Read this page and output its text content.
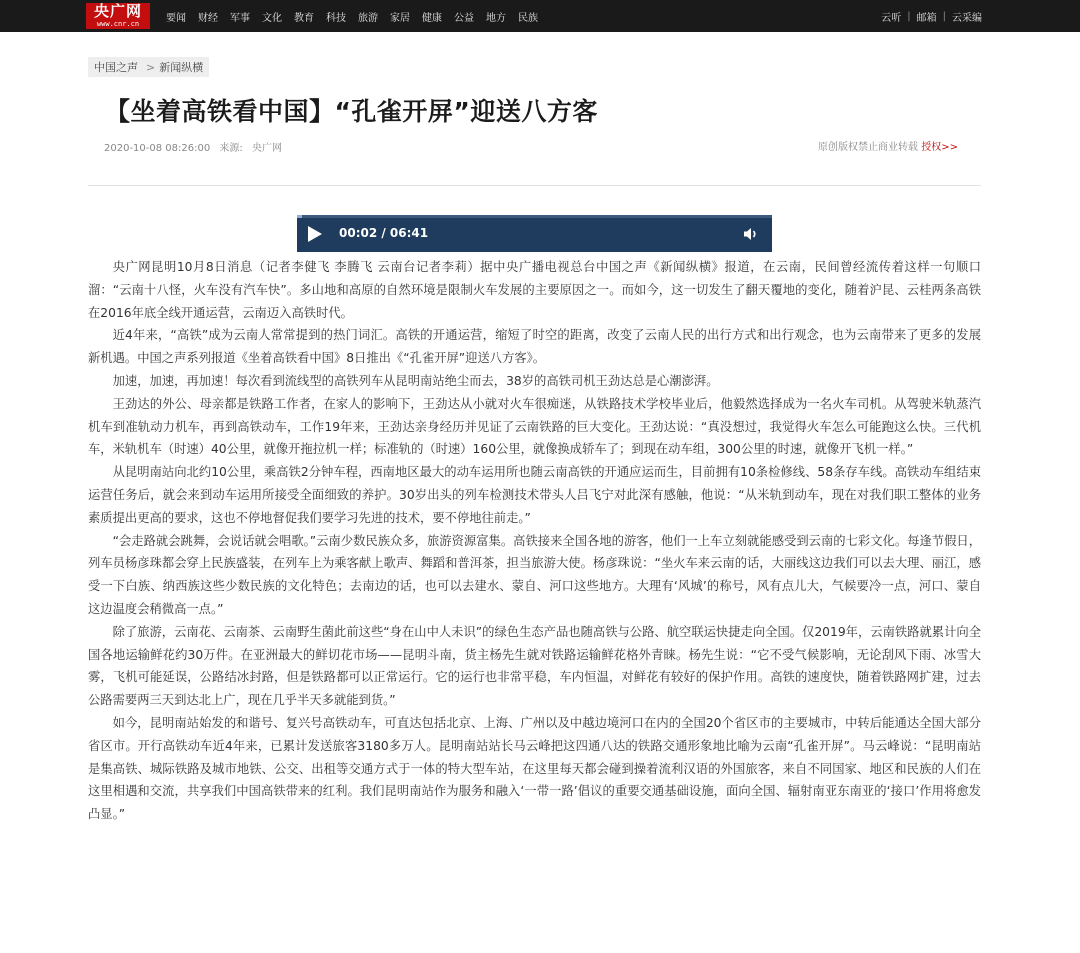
央广网
www.cnr.cn
要闻 财经 军事 文化 教育 科技 旅游 家居 健康 公益 地方 民族	云听 | 邮箱 | 云采编
中国之声 > 新闻纵横
【坐着高铁看中国】“孔雀开屏”迎送八方客
2020-10-08 08:26:00 来源: 央广网	原创版权禁止商业转载 授权>>
00:02 / 06:41

央广网昆明10月8日消息（记者李健飞 李腾飞 云南台记者李莉）据中央广播电视总台中国之声《新闻纵横》报道，在云南，民间曾经流传着这样一句顺口溜：“云南十八怪，火车没有汽车快”。多山地和高原的自然环境是限制火车发展的主要原因之一。而如今，这一切发生了翻天覆地的变化，随着沪昆、云桂两条高铁在2016年底全线开通运营，云南迈入高铁时代。

近4年来，“高铁”成为云南人常常提到的热门词汇。高铁的开通运营，缩短了时空的距离，改变了云南人民的出行方式和出行观念，也为云南带来了更多的发展新机遇。中国之声系列报道《坐着高铁看中国》8日推出《“孔雀开屏”迎送八方客》。

加速，加速，再加速！每次看到流线型的高铁列车从昆明南站绝尘而去，38岁的高铁司机王劲达总是心潮澎湃。

王劲达的外公、母亲都是铁路工作者，在家人的影响下，王劲达从小就对火车很痴迷，从铁路技术学校毕业后，他毅然选择成为一名火车司机。从驾驶米轨蒸汽机车到准轨动力机车，再到高铁动车，工作19年来，王劲达亲身经历并见证了云南铁路的巨大变化。王劲达说：“真没想过，我觉得火车怎么可能跑这么快。三代机车，米轨机车（时速）40公里，就像开拖拉机一样；标准轨的（时速）160公里，就像换成轿车了；到现在动车组，300公里的时速，就像开飞机一样。”

从昆明南站向北约10公里，乘高铁2分钟车程，西南地区最大的动车运用所也随云南高铁的开通应运而生，目前拥有10条检修线、58条存车线。高铁动车组结束运营任务后，就会来到动车运用所接受全面细致的养护。30岁出头的列车检测技术带头人吕飞宁对此深有感触，他说：“从米轨到动车，现在对我们职工整体的业务素质提出更高的要求，这也不停地督促我们要学习先进的技术，要不停地往前走。”

“会走路就会跳舞，会说话就会唱歌。”云南少数民族众多，旅游资源富集。高铁接来全国各地的游客，他们一上车立刻就能感受到云南的七彩文化。每逢节假日，列车员杨彦珠都会穿上民族盛装，在列车上为乘客献上歌声、舞蹈和普洱茶，担当旅游大使。杨彦珠说：“坐火车来云南的话，大丽线这边我们可以去大理、丽江，感受一下白族、纳西族这些少数民族的文化特色；去南边的话，也可以去建水、蒙自、河口这些地方。大理有‘风城’的称号，风有点儿大，气候要冷一点，河口、蒙自这边温度会稍微高一点。”

除了旅游，云南花、云南茶、云南野生菌此前这些“身在山中人未识”的绿色生态产品也随高铁与公路、航空联运快捷走向全国。仅2019年，云南铁路就累计向全国各地运输鲜花约30万件。在亚洲最大的鲜切花市场——昆明斗南，货主杨先生就对铁路运输鲜花格外青睐。杨先生说：“它不受气候影响，无论刮风下雨、冰雪大雾，飞机可能延误，公路结冰封路，但是铁路都可以正常运行。它的运行也非常平稳，车内恒温，对鲜花有较好的保护作用。高铁的速度快，随着铁路网扩建，过去公路需要两三天到达北上广，现在几乎半天多就能到货。”

如今，昆明南站始发的和谐号、复兴号高铁动车，可直达包括北京、上海、广州以及中越边境河口在内的全国20个省区市的主要城市，中转后能通达全国大部分省区市。开行高铁动车近4年来，已累计发送旅客3180多万人。昆明南站站长马云峰把这四通八达的铁路交通形象地比喻为云南“孔雀开屏”。马云峰说：“昆明南站是集高铁、城际铁路及城市地铁、公交、出租等交通方式于一体的特大型车站，在这里每天都会碰到操着流利汉语的外国旅客，来自不同国家、地区和民族的人们在这里相遇和交流，共享我们中国高铁带来的红利。我们昆明南站作为服务和融入‘一带一路’倡议的重要交通基础设施，面向全国、辐射南亚东南亚的‘接口’作用将愈发凸显。”
